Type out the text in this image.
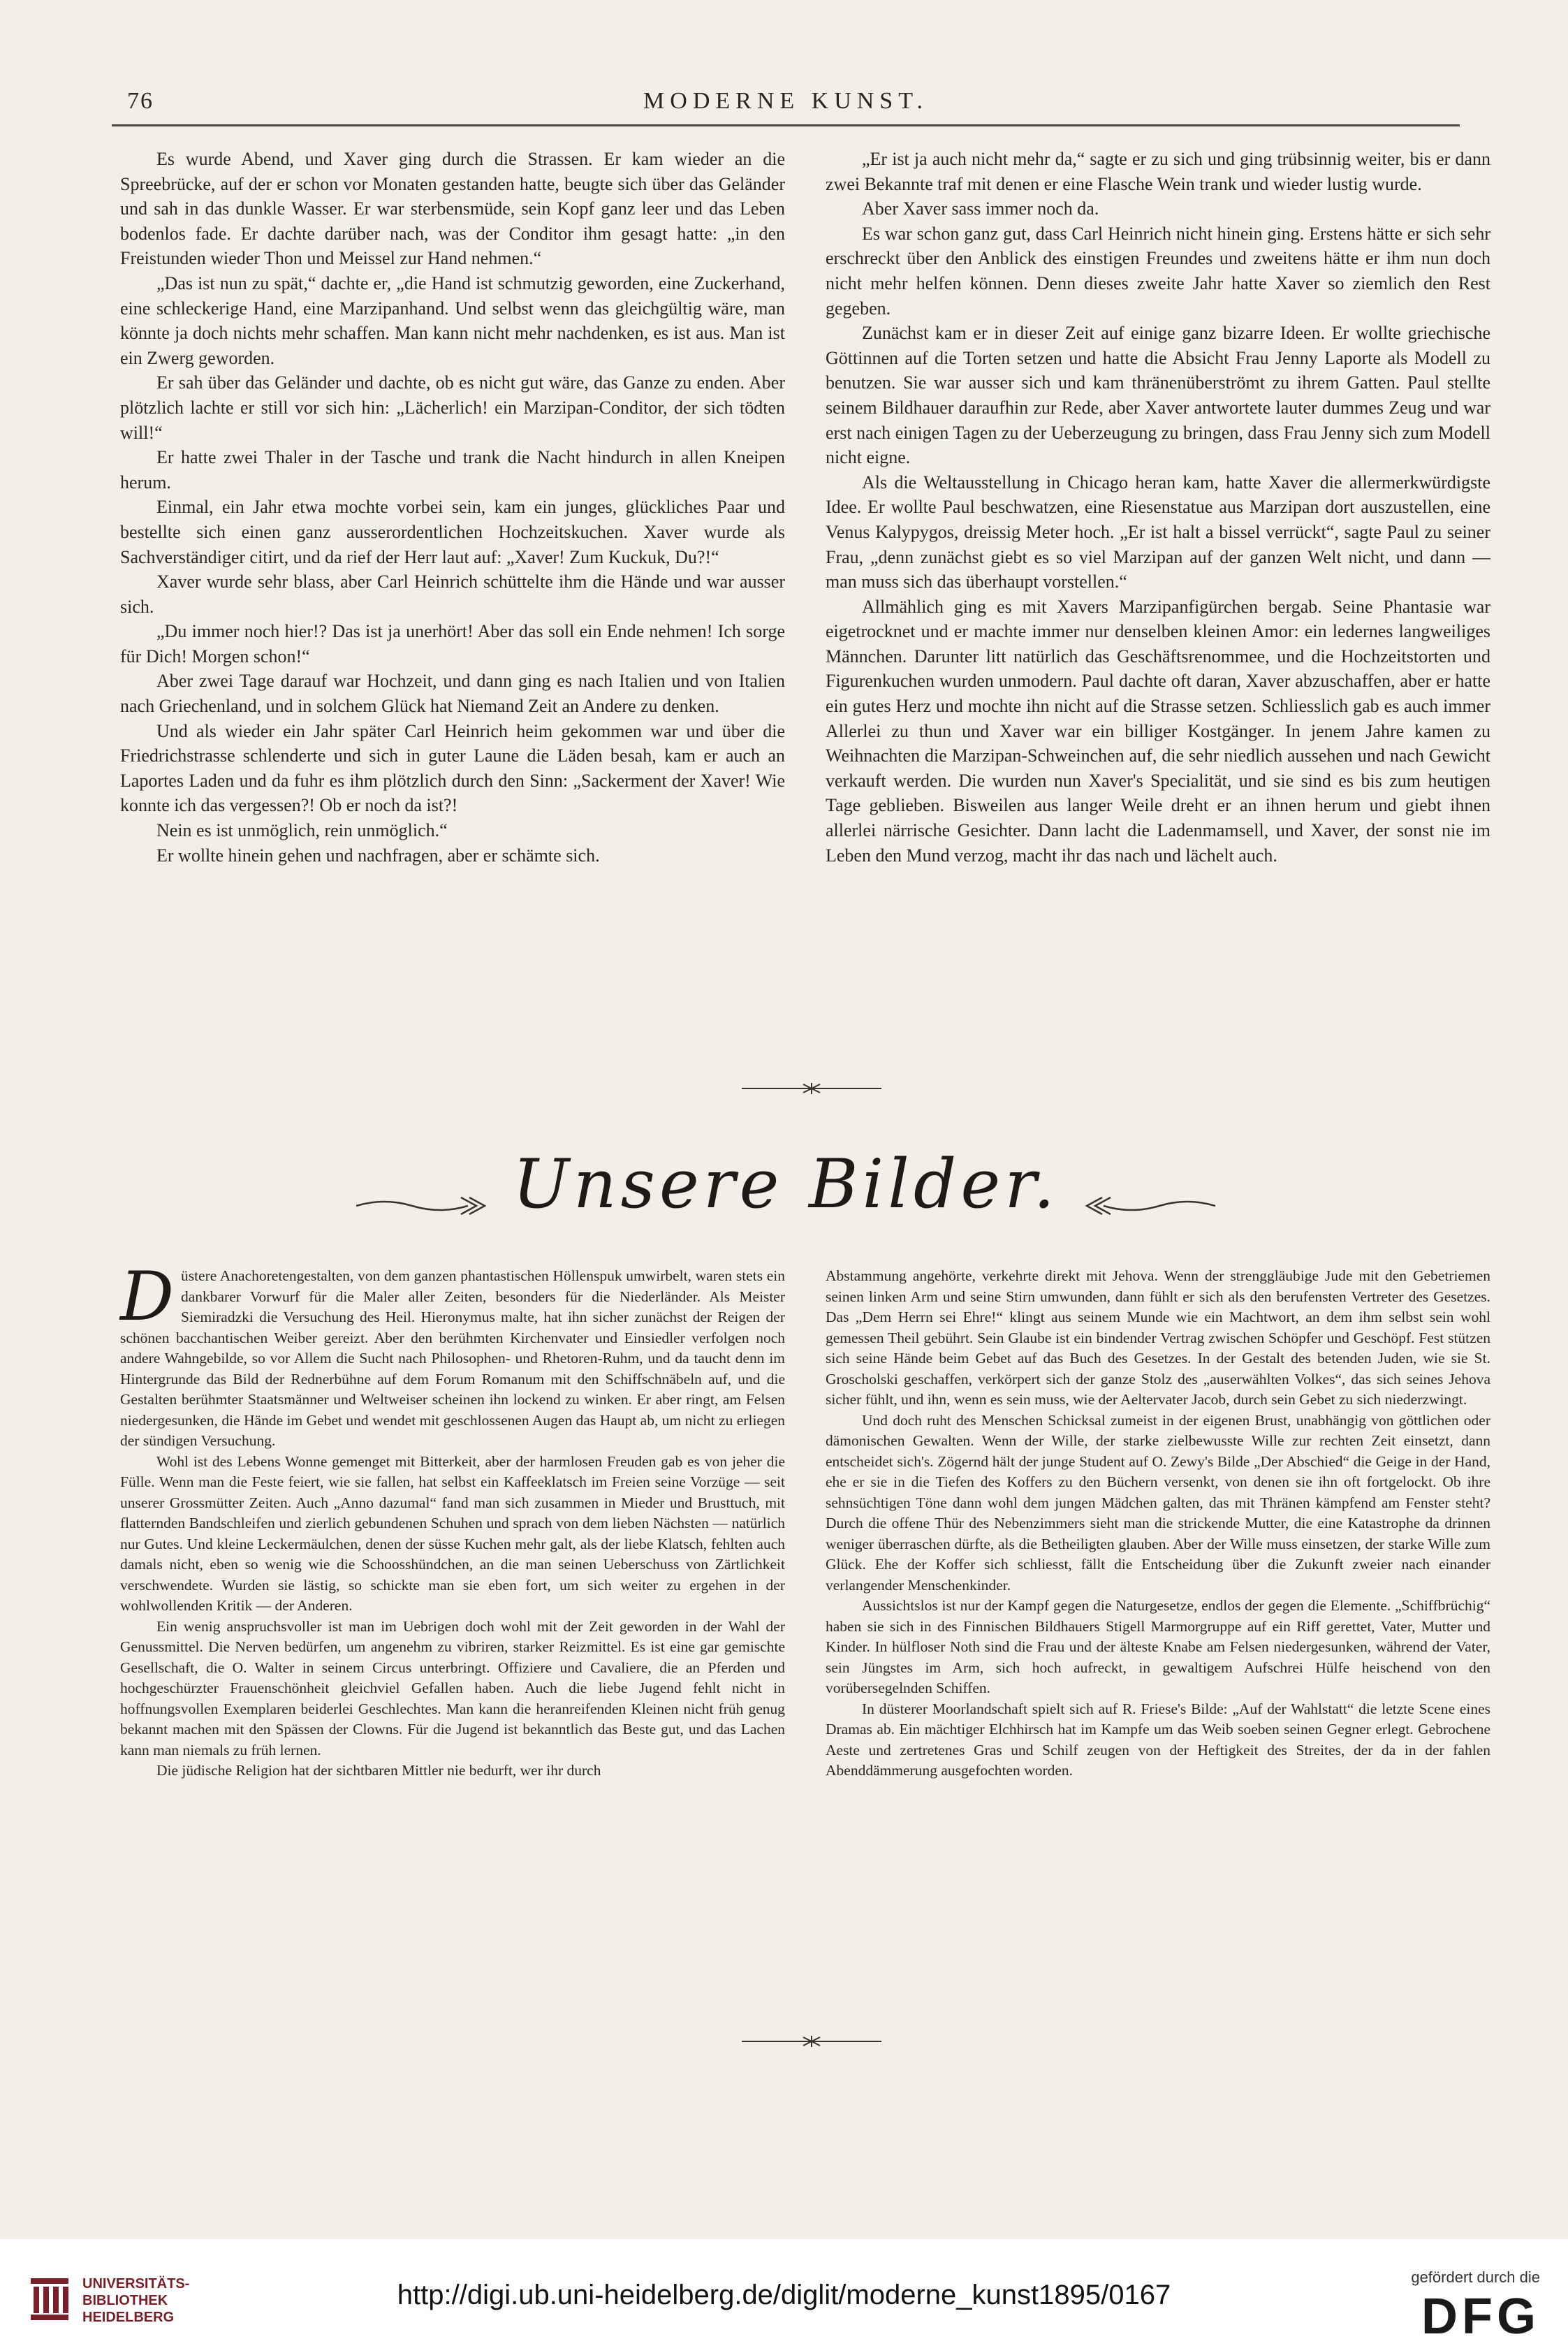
76	MODERNE KUNST.

Es wurde Abend, und Xaver ging durch die Strassen. Er kam wieder an die Spreebrücke, auf der er schon vor Monaten gestanden hatte, beugte sich über das Geländer und sah in das dunkle Wasser. Er war sterbensmüde, sein Kopf ganz leer und das Leben bodenlos fade. Er dachte darüber nach, was der Conditor ihm gesagt hatte: „in den Freistunden wieder Thon und Meissel zur Hand nehmen.“

„Das ist nun zu spät,“ dachte er, „die Hand ist schmutzig geworden, eine Zuckerhand, eine schleckerige Hand, eine Marzipanhand. Und selbst wenn das gleichgültig wäre, man könnte ja doch nichts mehr schaffen. Man kann nicht mehr nachdenken, es ist aus. Man ist ein Zwerg geworden.

Er sah über das Geländer und dachte, ob es nicht gut wäre, das Ganze zu enden. Aber plötzlich lachte er still vor sich hin: „Lächerlich! ein Marzipan-Conditor, der sich tödten will!“

Er hatte zwei Thaler in der Tasche und trank die Nacht hindurch in allen Kneipen herum.

Einmal, ein Jahr etwa mochte vorbei sein, kam ein junges, glückliches Paar und bestellte sich einen ganz ausserordentlichen Hochzeitskuchen. Xaver wurde als Sachverständiger citirt, und da rief der Herr laut auf: „Xaver! Zum Kuckuk, Du?!“

Xaver wurde sehr blass, aber Carl Heinrich schüttelte ihm die Hände und war ausser sich.

„Du immer noch hier!? Das ist ja unerhört! Aber das soll ein Ende nehmen! Ich sorge für Dich! Morgen schon!“

Aber zwei Tage darauf war Hochzeit, und dann ging es nach Italien und von Italien nach Griechenland, und in solchem Glück hat Niemand Zeit an Andere zu denken.

Und als wieder ein Jahr später Carl Heinrich heim gekommen war und über die Friedrichstrasse schlenderte und sich in guter Laune die Läden besah, kam er auch an Laportes Laden und da fuhr es ihm plötzlich durch den Sinn: „Sackerment der Xaver! Wie konnte ich das vergessen?! Ob er noch da ist?!

Nein es ist unmöglich, rein unmöglich.“

Er wollte hinein gehen und nachfragen, aber er schämte sich.

„Er ist ja auch nicht mehr da,“ sagte er zu sich und ging trübsinnig weiter, bis er dann zwei Bekannte traf mit denen er eine Flasche Wein trank und wieder lustig wurde.

Aber Xaver sass immer noch da.

Es war schon ganz gut, dass Carl Heinrich nicht hinein ging. Erstens hätte er sich sehr erschreckt über den Anblick des einstigen Freundes und zweitens hätte er ihm nun doch nicht mehr helfen können. Denn dieses zweite Jahr hatte Xaver so ziemlich den Rest gegeben.

Zunächst kam er in dieser Zeit auf einige ganz bizarre Ideen. Er wollte griechische Göttinnen auf die Torten setzen und hatte die Absicht Frau Jenny Laporte als Modell zu benutzen. Sie war ausser sich und kam thränenüberströmt zu ihrem Gatten. Paul stellte seinem Bildhauer daraufhin zur Rede, aber Xaver antwortete lauter dummes Zeug und war erst nach einigen Tagen zu der Ueberzeugung zu bringen, dass Frau Jenny sich zum Modell nicht eigne.

Als die Weltausstellung in Chicago heran kam, hatte Xaver die allermerkwürdigste Idee. Er wollte Paul beschwatzen, eine Riesenstatue aus Marzipan dort auszustellen, eine Venus Kalypygos, dreissig Meter hoch. „Er ist halt a bissel verrückt“, sagte Paul zu seiner Frau, „denn zunächst giebt es so viel Marzipan auf der ganzen Welt nicht, und dann — man muss sich das überhaupt vorstellen.“

Allmählich ging es mit Xavers Marzipanfigürchen bergab. Seine Phantasie war eigetrocknet und er machte immer nur denselben kleinen Amor: ein ledernes langweiliges Männchen. Darunter litt natürlich das Geschäftsrenommee, und die Hochzeitstorten und Figurenkuchen wurden unmodern. Paul dachte oft daran, Xaver abzuschaffen, aber er hatte ein gutes Herz und mochte ihn nicht auf die Strasse setzen. Schliesslich gab es auch immer Allerlei zu thun und Xaver war ein billiger Kostgänger. In jenem Jahre kamen zu Weihnachten die Marzipan-Schweinchen auf, die sehr niedlich aussehen und nach Gewicht verkauft werden. Die wurden nun Xaver's Specialität, und sie sind es bis zum heutigen Tage geblieben. Bisweilen aus langer Weile dreht er an ihnen herum und giebt ihnen allerlei närrische Gesichter. Dann lacht die Ladenmamsell, und Xaver, der sonst nie im Leben den Mund verzog, macht ihr das nach und lächelt auch.

Unsere Bilder.

Düstere Anachoretengestalten, von dem ganzen phantastischen Höllenspuk umwirbelt, waren stets ein dankbarer Vorwurf für die Maler aller Zeiten, besonders für die Niederländer. Als Meister Siemiradzki die Versuchung des Heil. Hieronymus malte, hat ihn sicher zunächst der Reigen der schönen bacchantischen Weiber gereizt. Aber den berühmten Kirchenvater und Einsiedler verfolgen noch andere Wahngebilde, so vor Allem die Sucht nach Philosophen- und Rhetoren-Ruhm, und da taucht denn im Hintergrunde das Bild der Rednerbühne auf dem Forum Romanum mit den Schiffschnäbeln auf, und die Gestalten berühmter Staatsmänner und Weltweiser scheinen ihn lockend zu winken. Er aber ringt, am Felsen niedergesunken, die Hände im Gebet und wendet mit geschlossenen Augen das Haupt ab, um nicht zu erliegen der sündigen Versuchung.

Wohl ist des Lebens Wonne gemenget mit Bitterkeit, aber der harmlosen Freuden gab es von jeher die Fülle. Wenn man die Feste feiert, wie sie fallen, hat selbst ein Kaffeeklatsch im Freien seine Vorzüge — seit unserer Grossmütter Zeiten. Auch „Anno dazumal“ fand man sich zusammen in Mieder und Brusttuch, mit flatternden Bandschleifen und zierlich gebundenen Schuhen und sprach von dem lieben Nächsten — natürlich nur Gutes. Und kleine Leckermäulchen, denen der süsse Kuchen mehr galt, als der liebe Klatsch, fehlten auch damals nicht, eben so wenig wie die Schoosshündchen, an die man seinen Ueberschuss von Zärtlichkeit verschwendete. Wurden sie lästig, so schickte man sie eben fort, um sich weiter zu ergehen in der wohlwollenden Kritik — der Anderen.

Ein wenig anspruchsvoller ist man im Uebrigen doch wohl mit der Zeit geworden in der Wahl der Genussmittel. Die Nerven bedürfen, um angenehm zu vibriren, starker Reizmittel. Es ist eine gar gemischte Gesellschaft, die O. Walter in seinem Circus unterbringt. Offiziere und Cavaliere, die an Pferden und hochgeschürzter Frauenschönheit gleichviel Gefallen haben. Auch die liebe Jugend fehlt nicht in hoffnungsvollen Exemplaren beiderlei Geschlechtes. Man kann die heranreifenden Kleinen nicht früh genug bekannt machen mit den Spässen der Clowns. Für die Jugend ist bekanntlich das Beste gut, und das Lachen kann man niemals zu früh lernen.

Die jüdische Religion hat der sichtbaren Mittler nie bedurft, wer ihr durch

Abstammung angehörte, verkehrte direkt mit Jehova. Wenn der strenggläubige Jude mit den Gebetriemen seinen linken Arm und seine Stirn umwunden, dann fühlt er sich als den berufensten Vertreter des Gesetzes. Das „Dem Herrn sei Ehre!“ klingt aus seinem Munde wie ein Machtwort, an dem ihm selbst sein wohl gemessen Theil gebührt. Sein Glaube ist ein bindender Vertrag zwischen Schöpfer und Geschöpf. Fest stützen sich seine Hände beim Gebet auf das Buch des Gesetzes. In der Gestalt des betenden Juden, wie sie St. Groscholski geschaffen, verkörpert sich der ganze Stolz des „auserwählten Volkes“, das sich seines Jehova sicher fühlt, und ihn, wenn es sein muss, wie der Aeltervater Jacob, durch sein Gebet zu sich niederzwingt.

Und doch ruht des Menschen Schicksal zumeist in der eigenen Brust, unabhängig von göttlichen oder dämonischen Gewalten. Wenn der Wille, der starke zielbewusste Wille zur rechten Zeit einsetzt, dann entscheidet sich's. Zögernd hält der junge Student auf O. Zewy's Bilde „Der Abschied“ die Geige in der Hand, ehe er sie in die Tiefen des Koffers zu den Büchern versenkt, von denen sie ihn oft fortgelockt. Ob ihre sehnsüchtigen Töne dann wohl dem jungen Mädchen galten, das mit Thränen kämpfend am Fenster steht? Durch die offene Thür des Nebenzimmers sieht man die strickende Mutter, die eine Katastrophe da drinnen weniger überraschen dürfte, als die Betheiligten glauben. Aber der Wille muss einsetzen, der starke Wille zum Glück. Ehe der Koffer sich schliesst, fällt die Entscheidung über die Zukunft zweier nach einander verlangender Menschenkinder.

Aussichtslos ist nur der Kampf gegen die Naturgesetze, endlos der gegen die Elemente. „Schiffbrüchig“ haben sie sich in des Finnischen Bildhauers Stigell Marmorgruppe auf ein Riff gerettet, Vater, Mutter und Kinder. In hülfloser Noth sind die Frau und der älteste Knabe am Felsen niedergesunken, während der Vater, sein Jüngstes im Arm, sich hoch aufreckt, in gewaltigem Aufschrei Hülfe heischend von den vorübersegelnden Schiffen.

In düsterer Moorlandschaft spielt sich auf R. Friese's Bilde: „Auf der Wahlstatt“ die letzte Scene eines Dramas ab. Ein mächtiger Elchhirsch hat im Kampfe um das Weib soeben seinen Gegner erlegt. Gebrochene Aeste und zertretenes Gras und Schilf zeugen von der Heftigkeit des Streites, der da in der fahlen Abenddämmerung ausgefochten worden.

UNIVERSITÄTS-
BIBLIOTHEK
HEIDELBERG
http://digi.ub.uni-heidelberg.de/diglit/moderne_kunst1895/0167
gefördert durch die
DFG
